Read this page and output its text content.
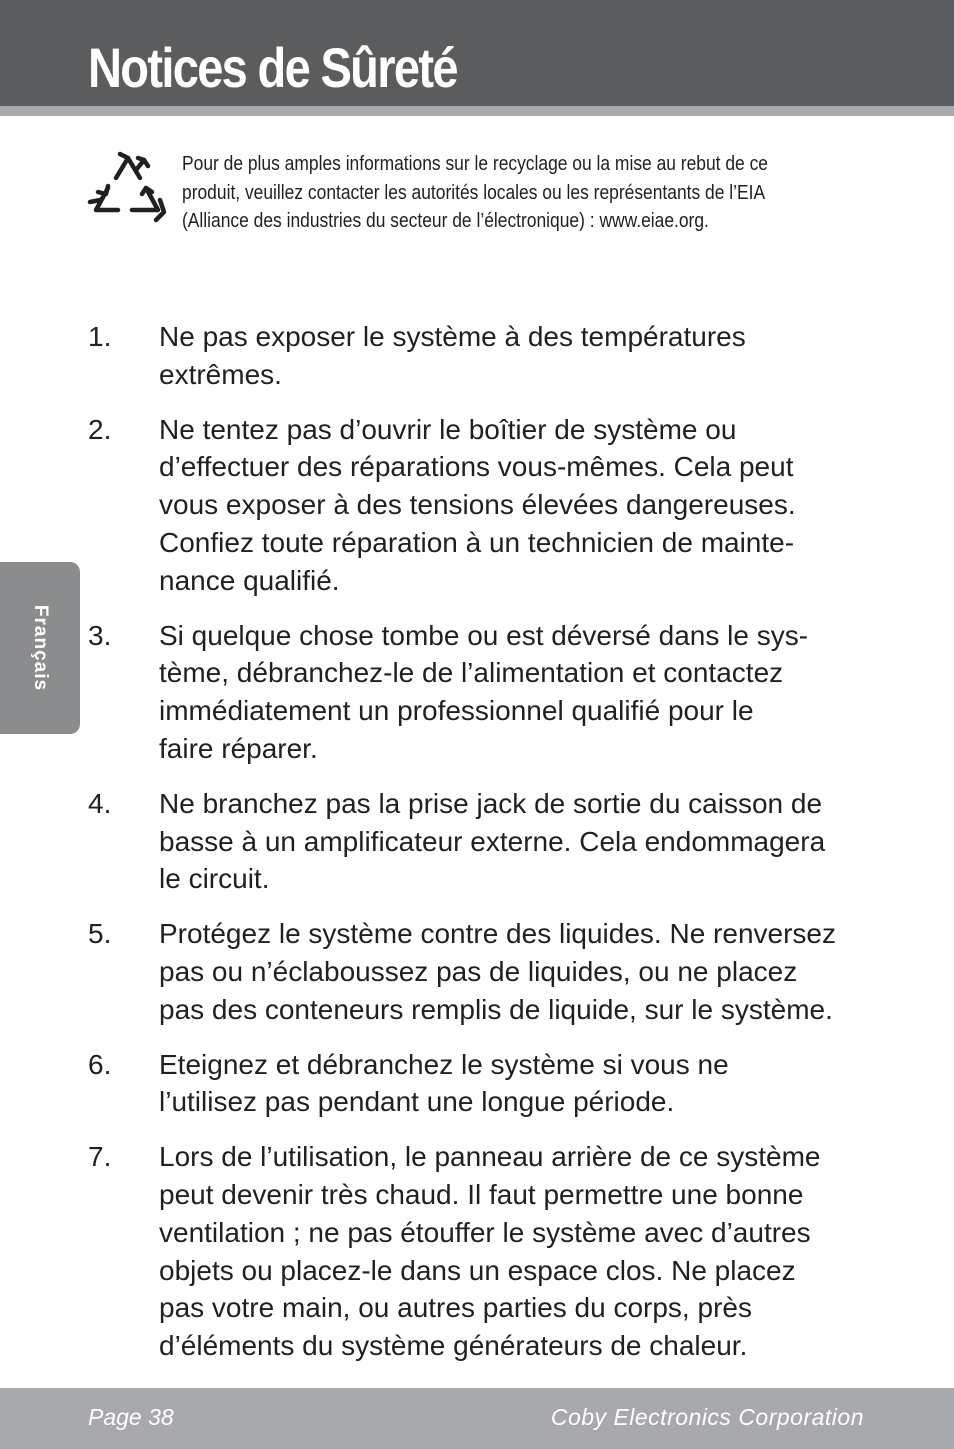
Notices de Sûreté
Pour de plus amples informations sur le recyclage ou la mise au rebut de ce
produit, veuillez contacter les autorités locales ou les représentants de l’EIA
(Alliance des industries du secteur de l’électronique) : www.eiae.org.
1.	Ne pas exposer le système à des températures
extrêmes.
2.	Ne tentez pas d’ouvrir le boîtier de système ou
d’effectuer des réparations vous-mêmes. Cela peut
vous exposer à des tensions élevées dangereuses.
Confiez toute réparation à un technicien de mainte-
nance qualifié.
3.	Si quelque chose tombe ou est déversé dans le sys-
tème, débranchez-le de l’alimentation et contactez
immédiatement un professionnel qualifié pour le
faire réparer.
4.	Ne branchez pas la prise jack de sortie du caisson de
basse à un amplificateur externe. Cela endommagera
le circuit.
5.	Protégez le système contre des liquides. Ne renversez
pas ou n’éclaboussez pas de liquides, ou ne placez
pas des conteneurs remplis de liquide, sur le système.
6.	Eteignez et débranchez le système si vous ne
l’utilisez pas pendant une longue période.
7.	Lors de l’utilisation, le panneau arrière de ce système
peut devenir très chaud. Il faut permettre une bonne
ventilation ; ne pas étouffer le système avec d’autres
objets ou placez-le dans un espace clos. Ne placez
pas votre main, ou autres parties du corps, près
d’éléments du système générateurs de chaleur.
Français
Page 38	Coby Electronics Corporation
